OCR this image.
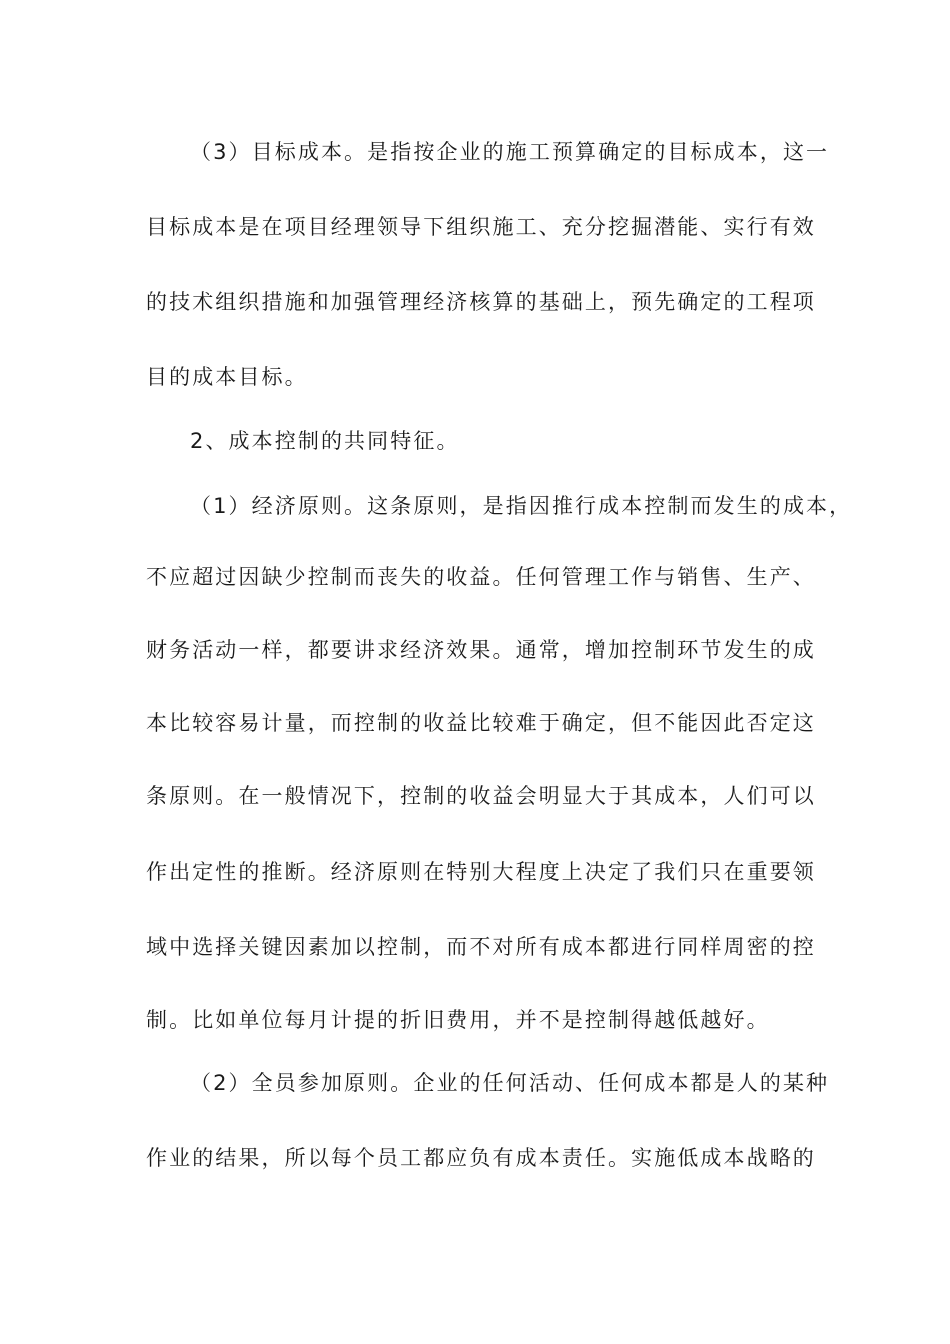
（3）目标成本。是指按企业的施工预算确定的目标成本，这一
目标成本是在项目经理领导下组织施工、充分挖掘潜能、实行有效
的技术组织措施和加强管理经济核算的基础上，预先确定的工程项
目的成本目标。
2、成本控制的共同特征。
（1）经济原则。这条原则，是指因推行成本控制而发生的成本，
不应超过因缺少控制而丧失的收益。任何管理工作与销售、生产、
财务活动一样，都要讲求经济效果。通常，增加控制环节发生的成
本比较容易计量，而控制的收益比较难于确定，但不能因此否定这
条原则。在一般情况下，控制的收益会明显大于其成本，人们可以
作出定性的推断。经济原则在特别大程度上决定了我们只在重要领
域中选择关键因素加以控制，而不对所有成本都进行同样周密的控
制。比如单位每月计提的折旧费用，并不是控制得越低越好。
（2）全员参加原则。企业的任何活动、任何成本都是人的某种
作业的结果，所以每个员工都应负有成本责任。实施低成本战略的
